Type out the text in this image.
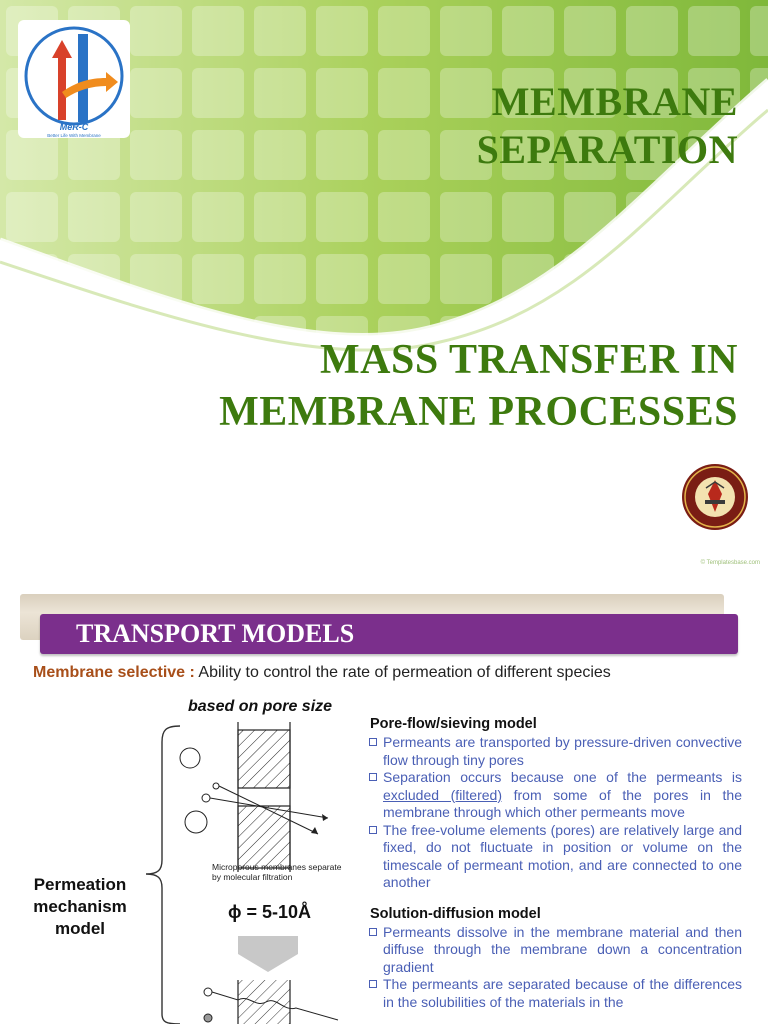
MeR-C
Better Life With Membrane
MEMBRANE
SEPARATION
MASS TRANSFER IN
MEMBRANE PROCESSES
© Templatesbase.com
TRANSPORT MODELS
Membrane selective : Ability to control the rate of permeation of different species
based on pore size
Permeation
mechanism
model
Microporous membranes separate by molecular filtration
ϕ = 5-10Å
Pore-flow/sieving model
Permeants are transported by pressure-driven convective flow through tiny pores
Separation occurs because one of the permeants is excluded (filtered) from some of the pores in the membrane through which other permeants move
The free-volume elements (pores) are relatively large and fixed, do not fluctuate in position or volume on the timescale of permeant motion, and are connected to one another
Solution-diffusion model
Permeants dissolve in the membrane material and then diffuse through the membrane down a concentration gradient
The permeants are separated because of the differences in the solubilities of the materials in the
